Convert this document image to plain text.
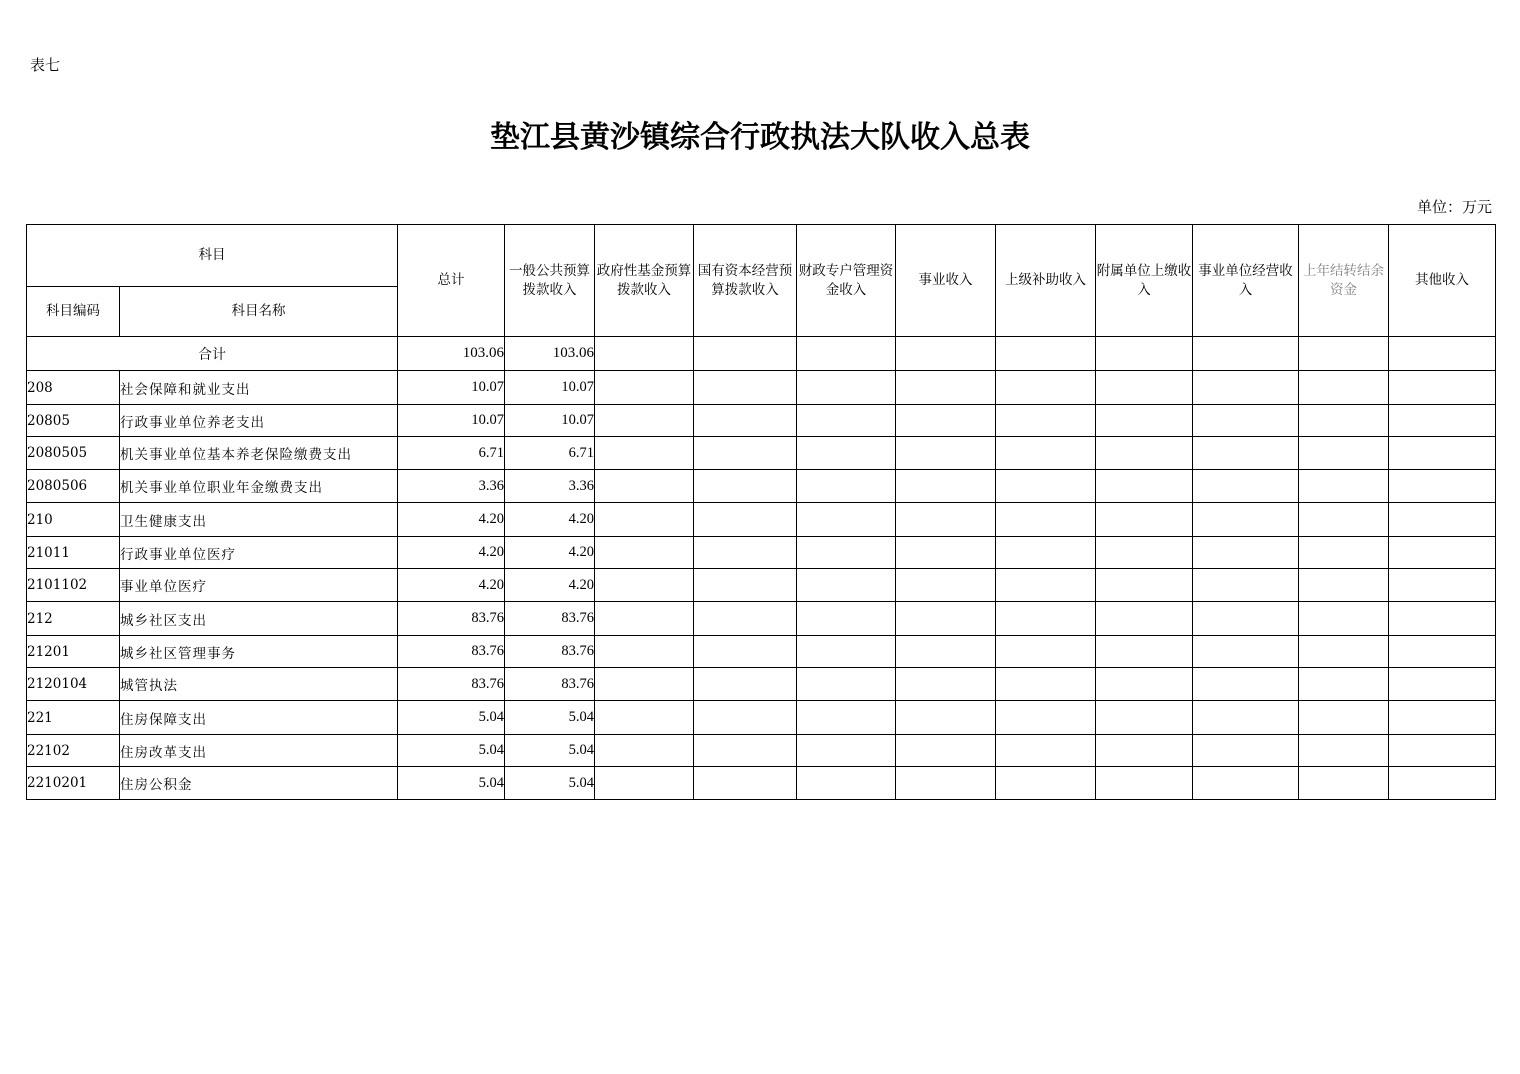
表七
垫江县黄沙镇综合行政执法大队收入总表
单位：万元
科目		总计	一般公共预算拨款收入	政府性基金预算拨款收入	国有资本经营预算拨款收入	财政专户管理资金收入	事业收入	上级补助收入	附属单位上缴收入	事业单位经营收入	上年结转结余资金	其他收入
科目编码	科目名称											
合计		103.06	103.06									
208	社会保障和就业支出	10.07	10.07									
20805	行政事业单位养老支出	10.07	10.07									
2080505	机关事业单位基本养老保险缴费支出	6.71	6.71									
2080506	机关事业单位职业年金缴费支出	3.36	3.36									
210	卫生健康支出	4.20	4.20									
21011	行政事业单位医疗	4.20	4.20									
2101102	事业单位医疗	4.20	4.20									
212	城乡社区支出	83.76	83.76									
21201	城乡社区管理事务	83.76	83.76									
2120104	城管执法	83.76	83.76									
221	住房保障支出	5.04	5.04									
22102	住房改革支出	5.04	5.04									
2210201	住房公积金	5.04	5.04									
